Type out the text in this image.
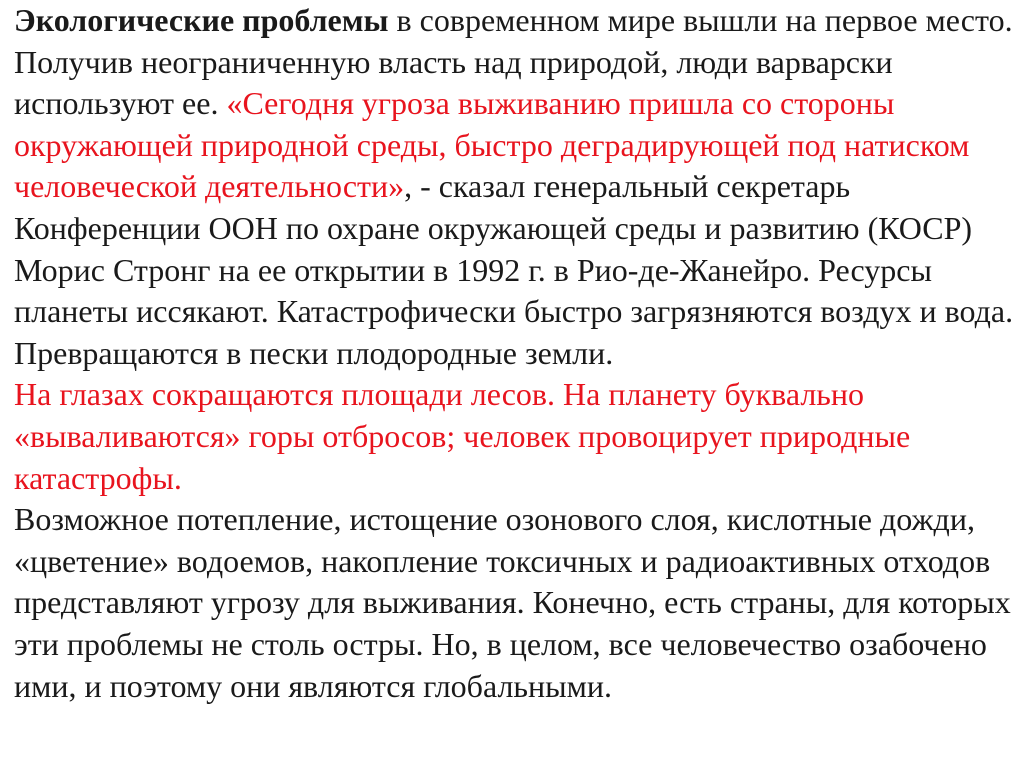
Экологические проблемы в современном мире вышли на первое место. Получив неограниченную власть над природой, люди варварски используют ее. «Сегодня угроза выживанию пришла со стороны окружающей природной среды, быстро деградирующей под натиском человеческой деятельности», - сказал генеральный секретарь Конференции ООН по охране окружающей среды и развитию (КОСР) Морис Стронг на ее открытии в 1992 г. в Рио-де-Жанейро. Ресурсы планеты иссякают. Катастрофически быстро загрязняются воздух и вода. Превращаются в пески плодородные земли.

На глазах сокращаются площади лесов. На планету буквально «вываливаются» горы отбросов; человек провоцирует природные катастрофы.

Возможное потепление, истощение озонового слоя, кислотные дожди, «цветение» водоемов, накопление токсичных и радиоактивных отходов представляют угрозу для выживания. Конечно, есть страны, для которых эти проблемы не столь остры. Но, в целом, все человечество озабочено ими, и поэтому они являются глобальными.
